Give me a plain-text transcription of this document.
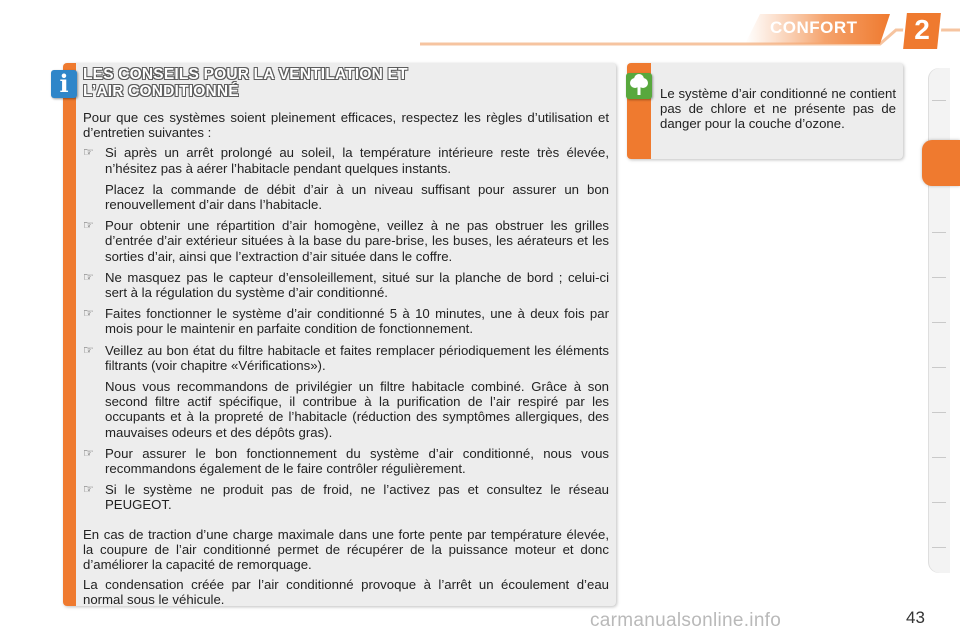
CONFORT	2
i LES CONSEILS POUR LA VENTILATION ET
L’AIR CONDITIONNÉ

Pour que ces systèmes soient pleinement efficaces, respectez les règles d’utilisation et d’entretien suivantes :

☞ Si après un arrêt prolongé au soleil, la température intérieure reste très élevée, n’hésitez pas à aérer l’habitacle pendant quelques instants.
Placez la commande de débit d’air à un niveau suffisant pour assurer un bon renouvellement d’air dans l’habitacle.
☞ Pour obtenir une répartition d’air homogène, veillez à ne pas obstruer les grilles d’entrée d’air extérieur situées à la base du pare-brise, les buses, les aérateurs et les sorties d’air, ainsi que l’extraction d’air située dans le coffre.
☞ Ne masquez pas le capteur d’ensoleillement, situé sur la planche de bord ; celui-ci sert à la régulation du système d’air conditionné.
☞ Faites fonctionner le système d’air conditionné 5 à 10 minutes, une à deux fois par mois pour le maintenir en parfaite condition de fonctionnement.
☞ Veillez au bon état du filtre habitacle et faites remplacer périodiquement les éléments filtrants (voir chapitre «Vérifications»).
Nous vous recommandons de privilégier un filtre habitacle combiné. Grâce à son second filtre actif spécifique, il contribue à la purification de l’air respiré par les occupants et à la propreté de l’habitacle (réduction des symptômes allergiques, des mauvaises odeurs et des dépôts gras).
☞ Pour assurer le bon fonctionnement du système d’air conditionné, nous vous recommandons également de le faire contrôler régulièrement.
☞ Si le système ne produit pas de froid, ne l’activez pas et consultez le réseau PEUGEOT.

En cas de traction d’une charge maximale dans une forte pente par température élevée, la coupure de l’air conditionné permet de récupérer de la puissance moteur et donc d’améliorer la capacité de remorquage.

La condensation créée par l’air conditionné provoque à l’arrêt un écoulement d’eau normal sous le véhicule.

Le système d’air conditionné ne contient pas de chlore et ne présente pas de danger pour la couche d’ozone.
carmanualsonline.info	43
